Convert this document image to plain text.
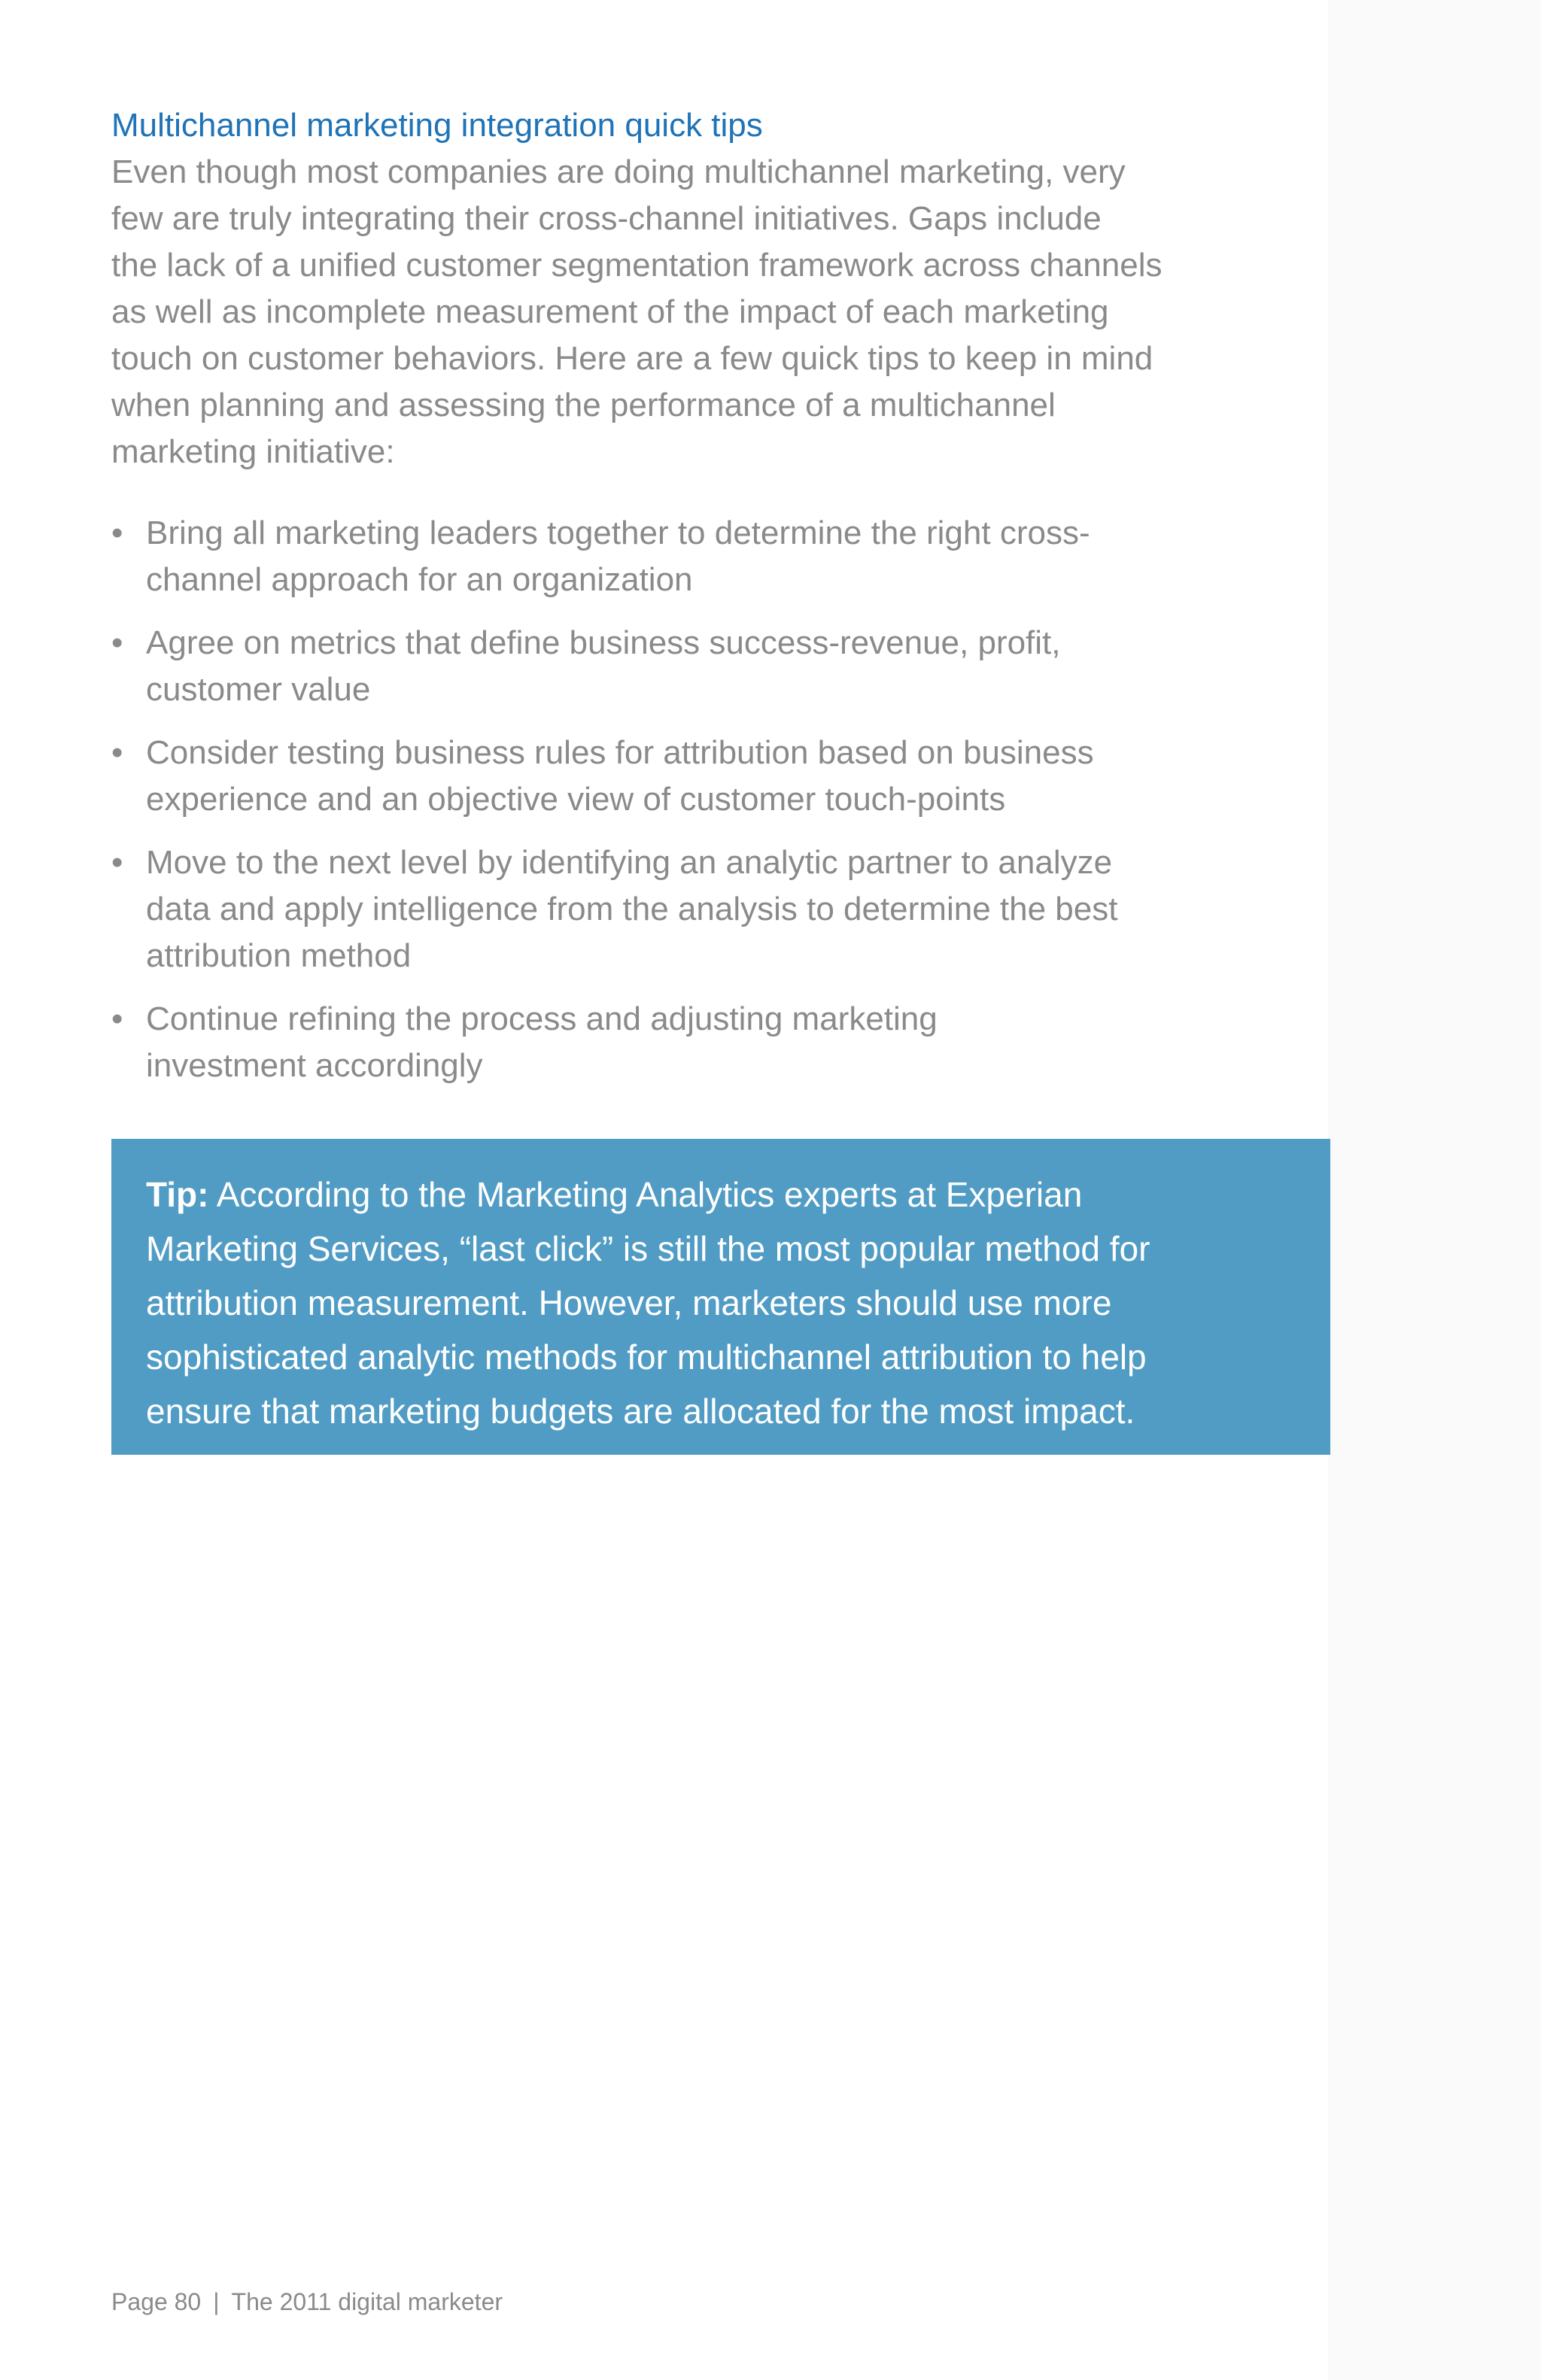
Multichannel marketing integration quick tips

Even though most companies are doing multichannel marketing, very
few are truly integrating their cross-channel initiatives. Gaps include
the lack of a unified customer segmentation framework across channels
as well as incomplete measurement of the impact of each marketing
touch on customer behaviors. Here are a few quick tips to keep in mind
when planning and assessing the performance of a multichannel
marketing initiative:

• Bring all marketing leaders together to determine the right cross-
channel approach for an organization
• Agree on metrics that define business success-revenue, profit,
customer value
• Consider testing business rules for attribution based on business
experience and an objective view of customer touch-points
• Move to the next level by identifying an analytic partner to analyze
data and apply intelligence from the analysis to determine the best
attribution method
• Continue refining the process and adjusting marketing
investment accordingly
Tip: According to the Marketing Analytics experts at Experian
Marketing Services, “last click” is still the most popular method for
attribution measurement. However, marketers should use more
sophisticated analytic methods for multichannel attribution to help
ensure that marketing budgets are allocated for the most impact.
Page 80 | The 2011 digital marketer
